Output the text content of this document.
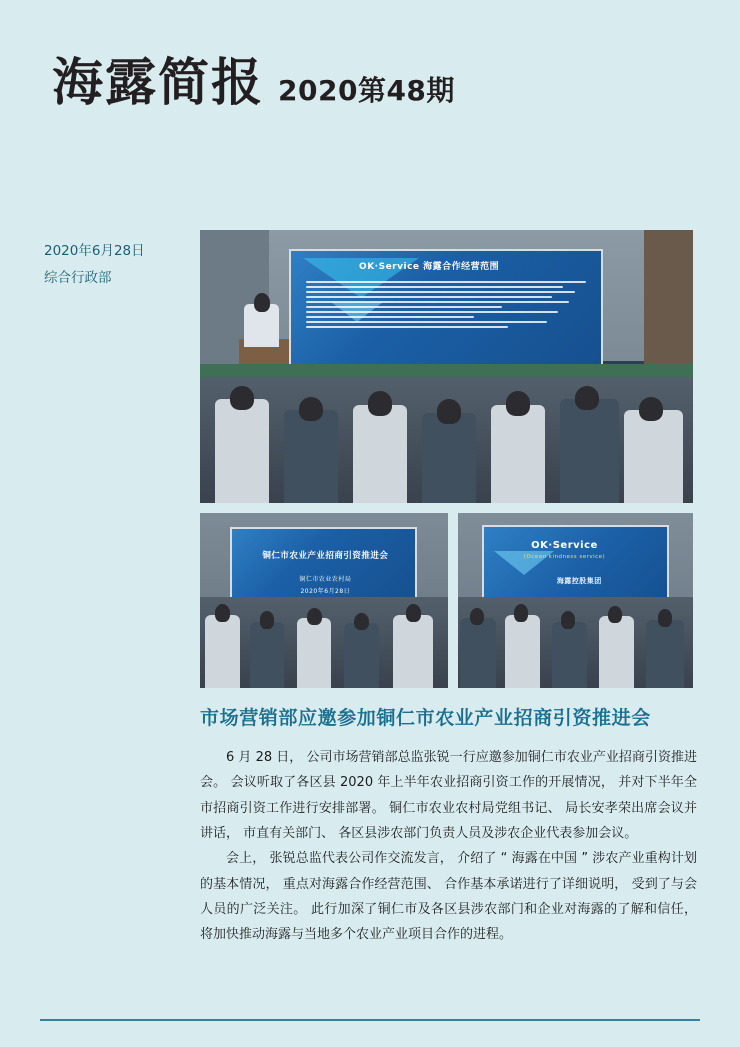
海露简报 2020第48期
2020年6月28日
综合行政部
OK·Service 海露合作经营范围
铜仁市农业产业招商引资推进会
铜仁市农业农村局
2020年6月28日
OK·Service
(Ocean kindness service)
海露控股集团
市场营销部应邀参加铜仁市农业产业招商引资推进会

6 月 28 日， 公司市场营销部总监张锐一行应邀参加铜仁市农业产业招商引资推进会。 会议听取了各区县 2020 年上半年农业招商引资工作的开展情况， 并对下半年全市招商引资工作进行安排部署。 铜仁市农业农村局党组书记、 局长安孝荣出席会议并讲话， 市直有关部门、 各区县涉农部门负责人员及涉农企业代表参加会议。

会上， 张锐总监代表公司作交流发言， 介绍了 “ 海露在中国 ” 涉农产业重构计划的基本情况， 重点对海露合作经营范围、 合作基本承诺进行了详细说明， 受到了与会人员的广泛关注。 此行加深了铜仁市及各区县涉农部门和企业对海露的了解和信任， 将加快推动海露与当地多个农业产业项目合作的进程。
